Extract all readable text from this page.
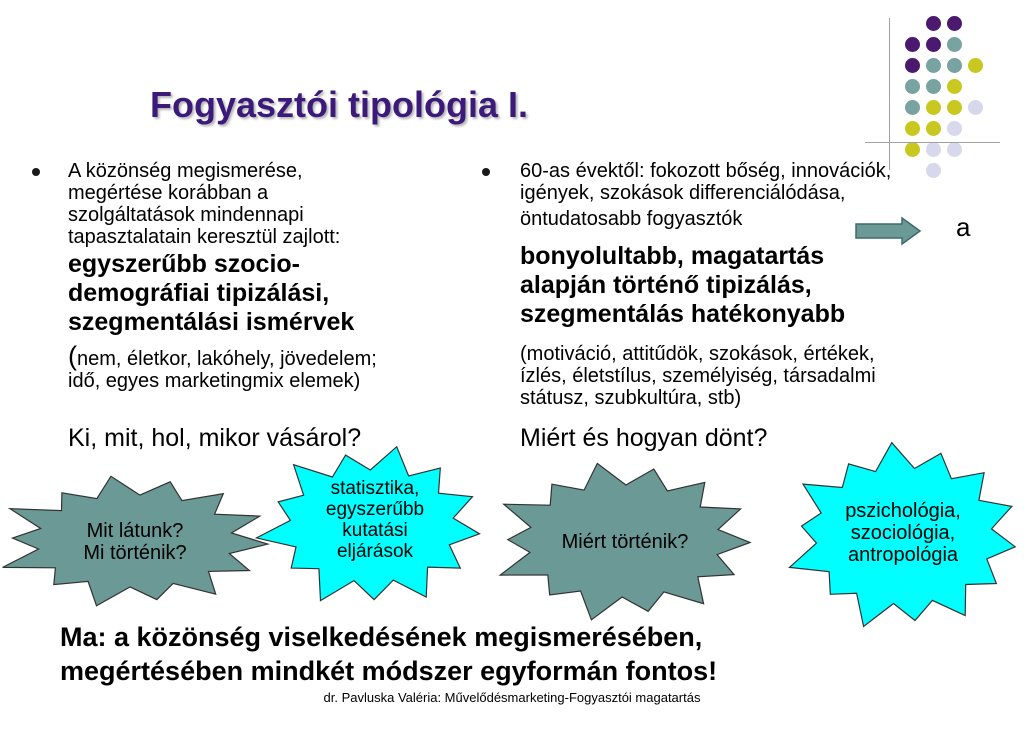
Fogyasztói tipológia I.
A közönség megismerése,
megértése korábban a
szolgáltatások mindennapi
tapasztalatain keresztül zajlott:
egyszerűbb szocio-
demográfiai tipizálási,
szegmentálási ismérvek
(nem, életkor, lakóhely, jövedelem;
idő, egyes marketingmix elemek)
Ki, mit, hol, mikor vásárol?
60-as évektől: fokozott bőség, innovációk,
igények, szokások differenciálódása,
öntudatosabb fogyasztók	a
bonyolultabb, magatartás
alapján történő tipizálás,
szegmentálás hatékonyabb
(motiváció, attitűdök, szokások, értékek,
ízlés, életstílus, személyiség, társadalmi
státusz, szubkultúra, stb)
Miért és hogyan dönt?
Mit látunk?
Mi történik?
statisztika,
egyszerűbb
kutatási
eljárások	Miért történik?
pszichológia,
szociológia,
antropológia
Ma: a közönség viselkedésének megismerésében,
megértésében mindkét módszer egyformán fontos!
dr. Pavluska Valéria: Művelődésmarketing-Fogyasztói magatartás
